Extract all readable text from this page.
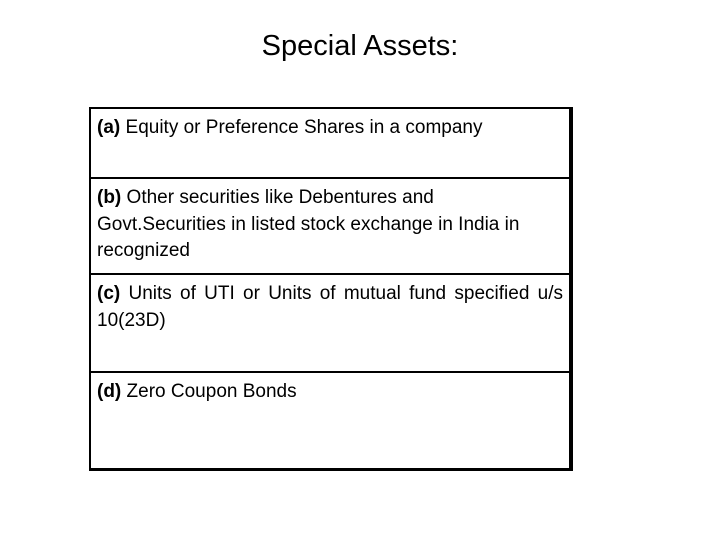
Special Assets:
(a) Equity or Preference Shares in a company
(b) Other securities like Debentures and Govt.Securities in listed stock exchange in India in recognized
(c) Units of UTI or Units of mutual fund specified u/s 10(23D)
(d) Zero Coupon Bonds
